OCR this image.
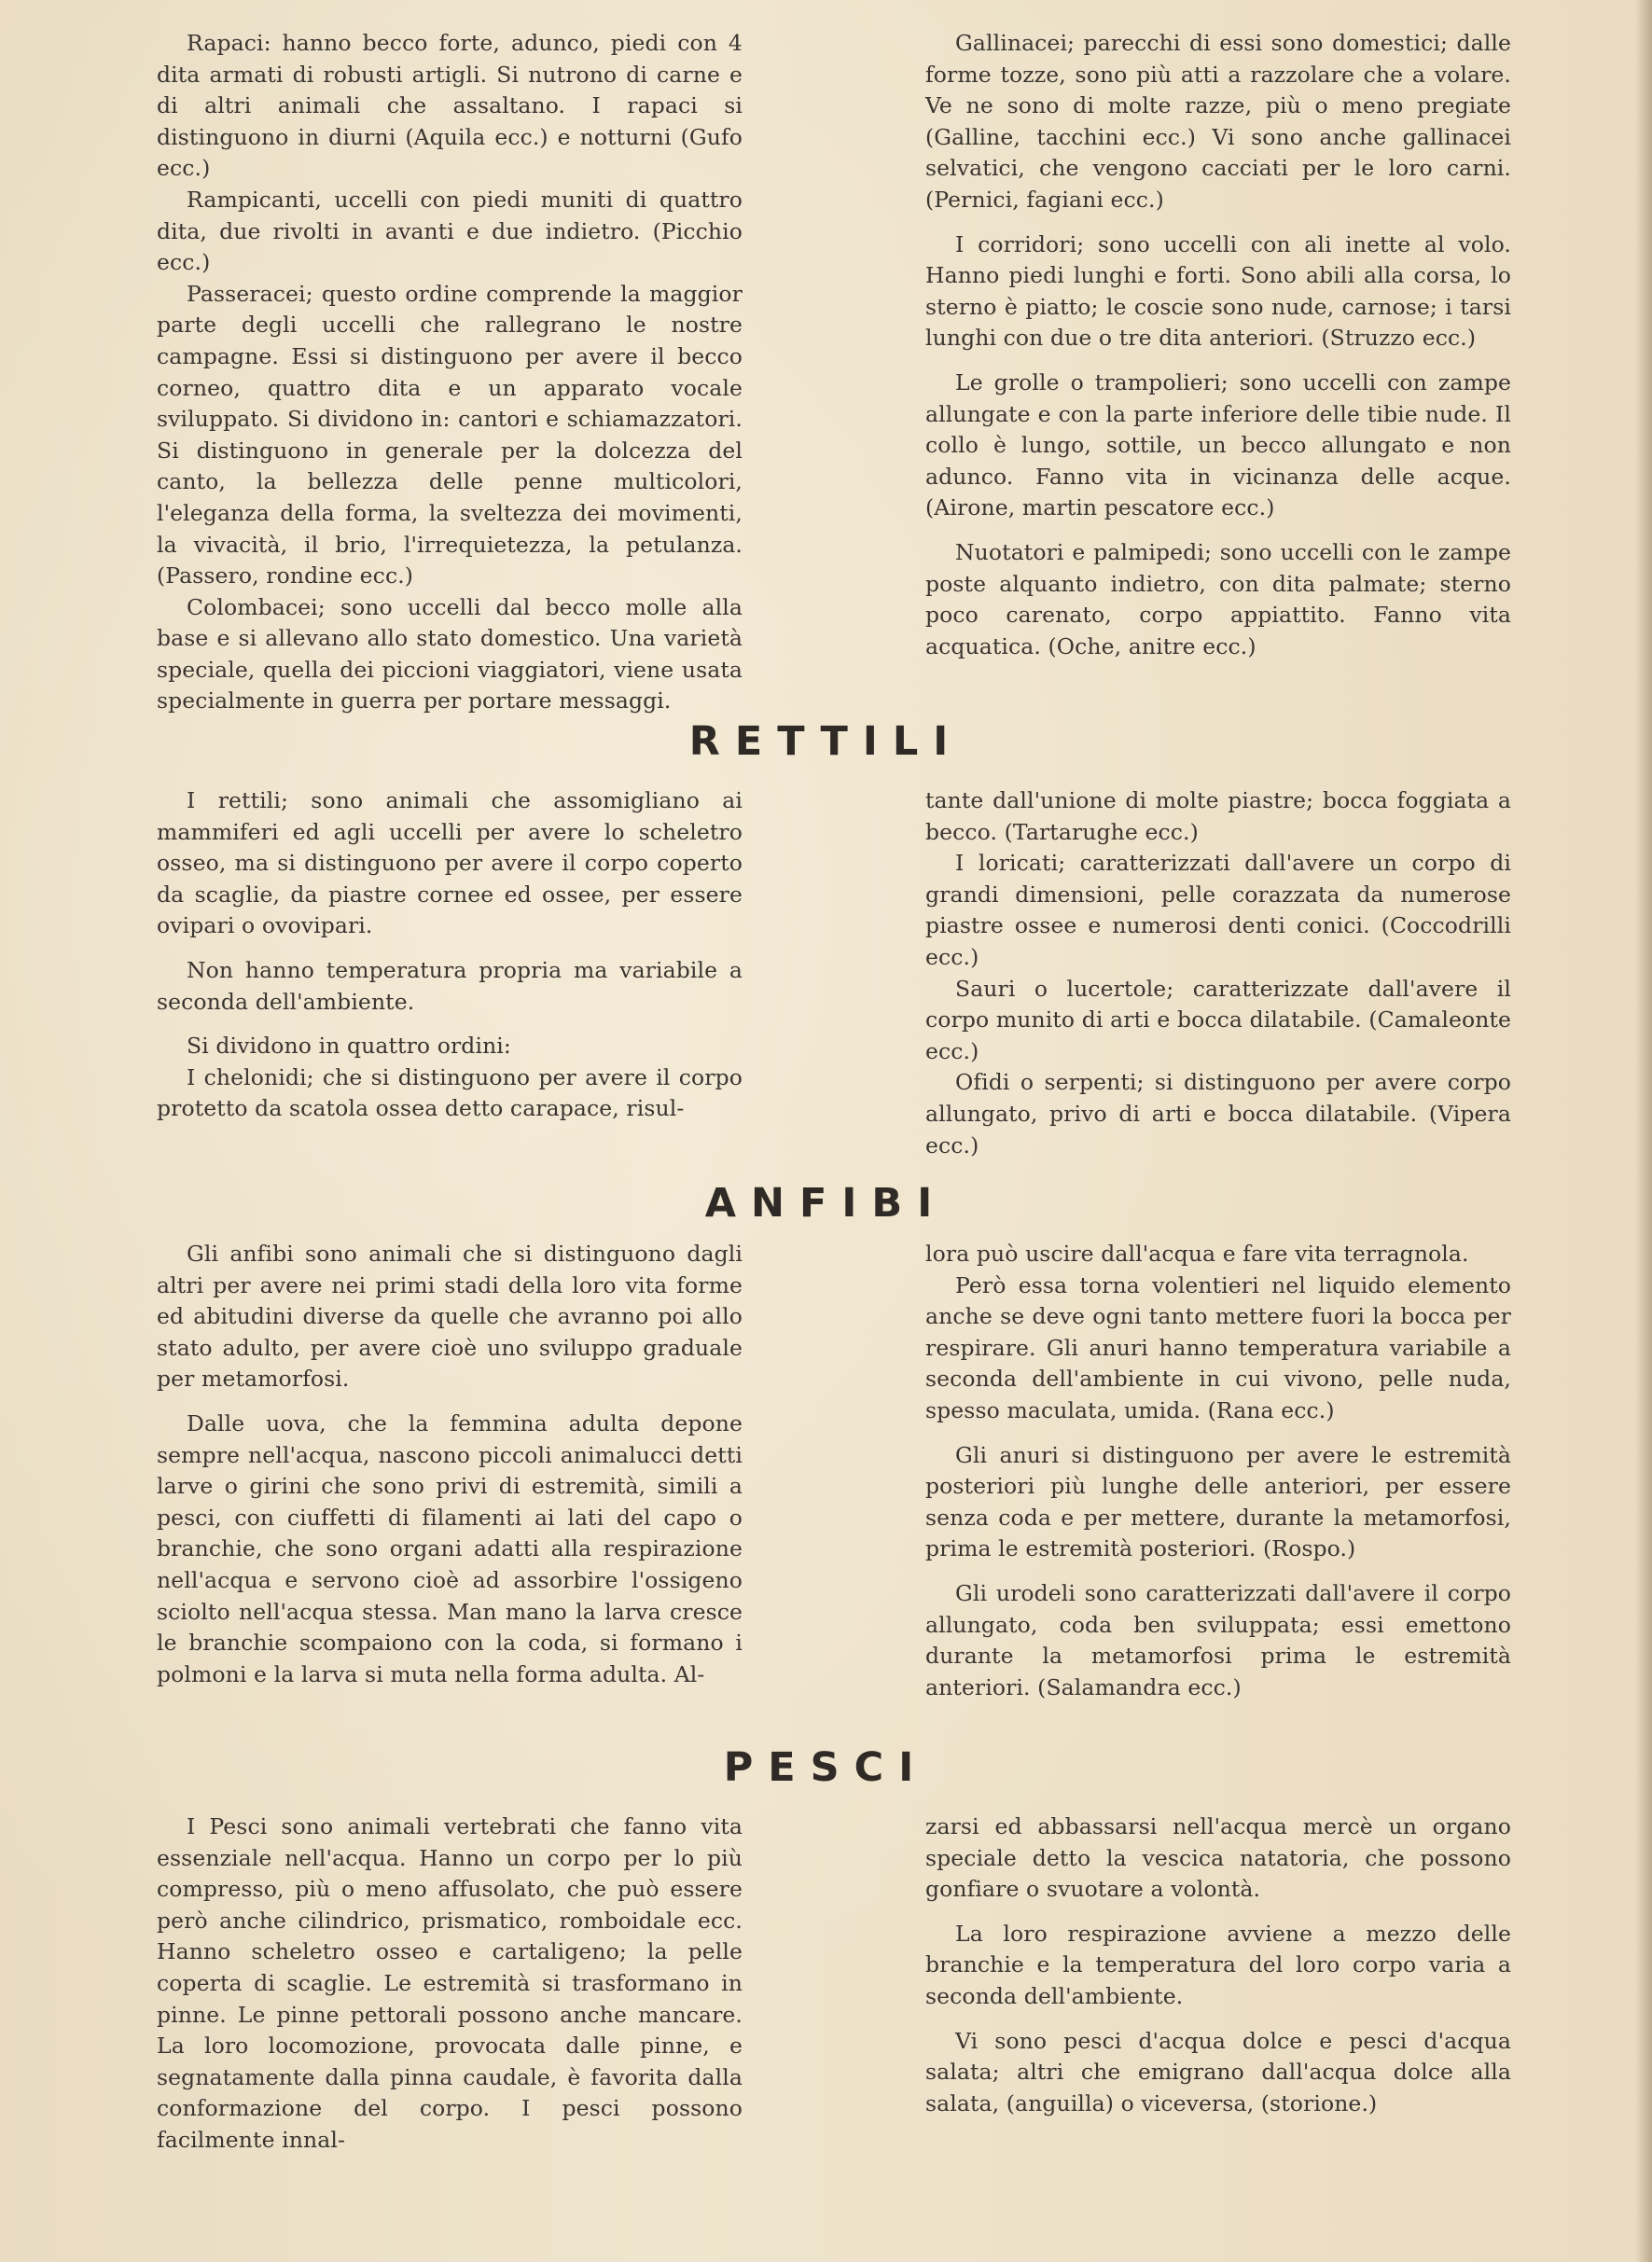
Rapaci: hanno becco forte, adunco, piedi con 4 dita armati di robusti artigli. Si nutrono di carne e di altri animali che assaltano. I rapaci si distinguono in diurni (Aquila ecc.) e notturni (Gufo ecc.)

Rampicanti, uccelli con piedi muniti di quattro dita, due rivolti in avanti e due indietro. (Picchio ecc.)

Passeracei; questo ordine comprende la maggior parte degli uccelli che rallegrano le nostre campagne. Essi si distinguono per avere il becco corneo, quattro dita e un apparato vocale sviluppato. Si dividono in: cantori e schiamazzatori. Si distinguono in generale per la dolcezza del canto, la bellezza delle penne multicolori, l'eleganza della forma, la sveltezza dei movimenti, la vivacità, il brio, l'irrequietezza, la petulanza. (Passero, rondine ecc.)

Colombacei; sono uccelli dal becco molle alla base e si allevano allo stato domestico. Una varietà speciale, quella dei piccioni viaggiatori, viene usata specialmente in guerra per portare messaggi.

Gallinacei; parecchi di essi sono domestici; dalle forme tozze, sono più atti a razzolare che a volare. Ve ne sono di molte razze, più o meno pregiate (Galline, tacchini ecc.) Vi sono anche gallinacei selvatici, che vengono cacciati per le loro carni. (Pernici, fagiani ecc.)

I corridori; sono uccelli con ali inette al volo. Hanno piedi lunghi e forti. Sono abili alla corsa, lo sterno è piatto; le coscie sono nude, carnose; i tarsi lunghi con due o tre dita anteriori. (Struzzo ecc.)

Le grolle o trampolieri; sono uccelli con zampe allungate e con la parte inferiore delle tibie nude. Il collo è lungo, sottile, un becco allungato e non adunco. Fanno vita in vicinanza delle acque. (Airone, martin pescatore ecc.)

Nuotatori e palmipedi; sono uccelli con le zampe poste alquanto indietro, con dita palmate; sterno poco carenato, corpo appiattito. Fanno vita acquatica. (Oche, anitre ecc.)

RETTILI

I rettili; sono animali che assomigliano ai mammiferi ed agli uccelli per avere lo scheletro osseo, ma si distinguono per avere il corpo coperto da scaglie, da piastre cornee ed ossee, per essere ovipari o ovovipari.

Non hanno temperatura propria ma variabile a seconda dell'ambiente.

Si dividono in quattro ordini:

I chelonidi; che si distinguono per avere il corpo protetto da scatola ossea detto carapace, risul-

tante dall'unione di molte piastre; bocca foggiata a becco. (Tartarughe ecc.)

I loricati; caratterizzati dall'avere un corpo di grandi dimensioni, pelle corazzata da numerose piastre ossee e numerosi denti conici. (Coccodrilli ecc.)

Sauri o lucertole; caratterizzate dall'avere il corpo munito di arti e bocca dilatabile. (Camaleonte ecc.)

Ofidi o serpenti; si distinguono per avere corpo allungato, privo di arti e bocca dilatabile. (Vipera ecc.)

ANFIBI

Gli anfibi sono animali che si distinguono dagli altri per avere nei primi stadi della loro vita forme ed abitudini diverse da quelle che avranno poi allo stato adulto, per avere cioè uno sviluppo graduale per metamorfosi.

Dalle uova, che la femmina adulta depone sempre nell'acqua, nascono piccoli animalucci detti larve o girini che sono privi di estremità, simili a pesci, con ciuffetti di filamenti ai lati del capo o branchie, che sono organi adatti alla respirazione nell'acqua e servono cioè ad assorbire l'ossigeno sciolto nell'acqua stessa. Man mano la larva cresce le branchie scompaiono con la coda, si formano i polmoni e la larva si muta nella forma adulta. Al-

lora può uscire dall'acqua e fare vita terragnola.

Però essa torna volentieri nel liquido elemento anche se deve ogni tanto mettere fuori la bocca per respirare. Gli anuri hanno temperatura variabile a seconda dell'ambiente in cui vivono, pelle nuda, spesso maculata, umida. (Rana ecc.)

Gli anuri si distinguono per avere le estremità posteriori più lunghe delle anteriori, per essere senza coda e per mettere, durante la metamorfosi, prima le estremità posteriori. (Rospo.)

Gli urodeli sono caratterizzati dall'avere il corpo allungato, coda ben sviluppata; essi emettono durante la metamorfosi prima le estremità anteriori. (Salamandra ecc.)

PESCI

I Pesci sono animali vertebrati che fanno vita essenziale nell'acqua. Hanno un corpo per lo più compresso, più o meno affusolato, che può essere però anche cilindrico, prismatico, romboidale ecc. Hanno scheletro osseo e cartaligeno; la pelle coperta di scaglie. Le estremità si trasformano in pinne. Le pinne pettorali possono anche mancare. La loro locomozione, provocata dalle pinne, e segnatamente dalla pinna caudale, è favorita dalla conformazione del corpo. I pesci possono facilmente innal-

zarsi ed abbassarsi nell'acqua mercè un organo speciale detto la vescica natatoria, che possono gonfiare o svuotare a volontà.

La loro respirazione avviene a mezzo delle branchie e la temperatura del loro corpo varia a seconda dell'ambiente.

Vi sono pesci d'acqua dolce e pesci d'acqua salata; altri che emigrano dall'acqua dolce alla salata, (anguilla) o viceversa, (storione.)
